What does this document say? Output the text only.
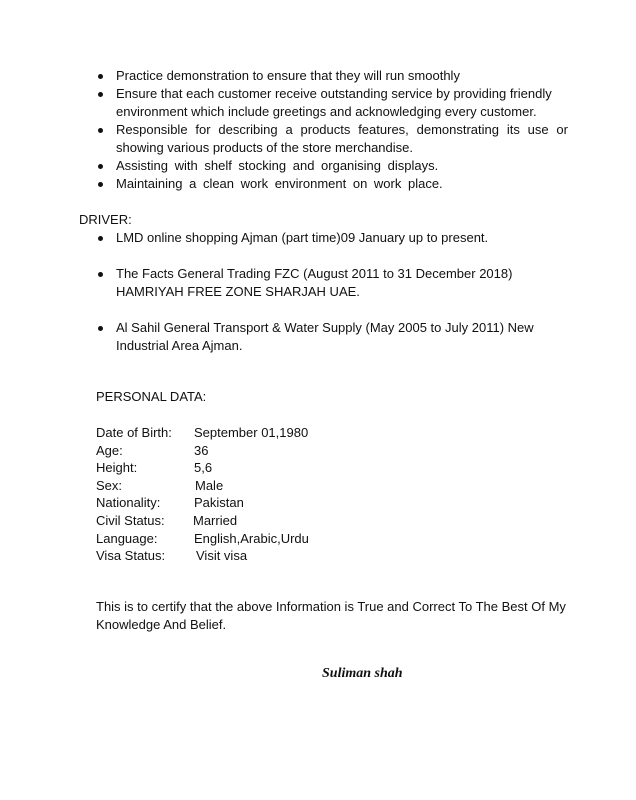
Practice demonstration to ensure that they will run smoothly
Ensure that each customer receive outstanding service by providing friendly environment which include greetings and acknowledging every customer.
Responsible for describing a products features, demonstrating its use or showing various products of the store merchandise.
Assisting with shelf stocking and organising displays.
Maintaining a clean work environment on work place.
DRIVER:
LMD online shopping Ajman (part time)09 January up to present.
The Facts General Trading FZC (August 2011 to 31 December 2018) HAMRIYAH FREE ZONE SHARJAH UAE.
Al Sahil General Transport & Water Supply (May 2005 to July 2011) New Industrial Area Ajman.
PERSONAL DATA:
Date of Birth:	September 01,1980
Age:	36
Height:	5,6
Sex:	Male
Nationality:	Pakistan
Civil Status:	Married
Language:	English,Arabic,Urdu
Visa Status:	Visit visa
This is to certify that the above Information is True and Correct To The Best Of My Knowledge And Belief.
Suliman shah
